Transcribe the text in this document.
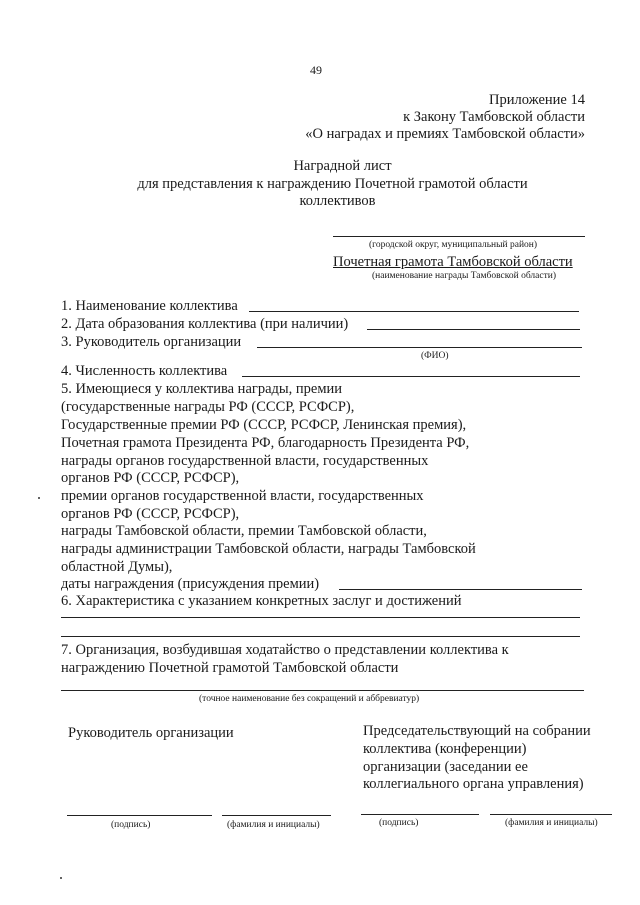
49
Приложение 14
к Закону Тамбовской области
«О наградах и премиях Тамбовской области»
Наградной лист
для представления к награждению Почетной грамотой области
коллективов
(городской округ, муниципальный район)
Почетная грамота Тамбовской области
(наименование награды Тамбовской области)
1. Наименование коллектива
2. Дата образования коллектива (при наличии)
3. Руководитель организации
(ФИО)
4. Численность коллектива
5. Имеющиеся у коллектива награды, премии
(государственные награды РФ (СССР, РСФСР),
Государственные премии РФ (СССР, РСФСР, Ленинская премия),
Почетная грамота Президента РФ, благодарность Президента РФ,
награды органов государственной власти, государственных
органов РФ (СССР, РСФСР),
премии органов государственной власти, государственных
органов РФ (СССР, РСФСР),
награды Тамбовской области, премии Тамбовской области,
награды администрации Тамбовской области, награды Тамбовской
областной Думы),
даты награждения (присуждения премии)
6. Характеристика с указанием конкретных заслуг и достижений
7. Организация, возбудившая ходатайство о представлении коллектива к
награждению Почетной грамотой Тамбовской области
(точное наименование без сокращений и аббревиатур)
Руководитель организации	Председательствующий на собрании
коллектива (конференции)
организации (заседании ее
коллегиального органа управления)
(подпись)	(фамилия и инициалы)	(подпись)	(фамилия и инициалы)
